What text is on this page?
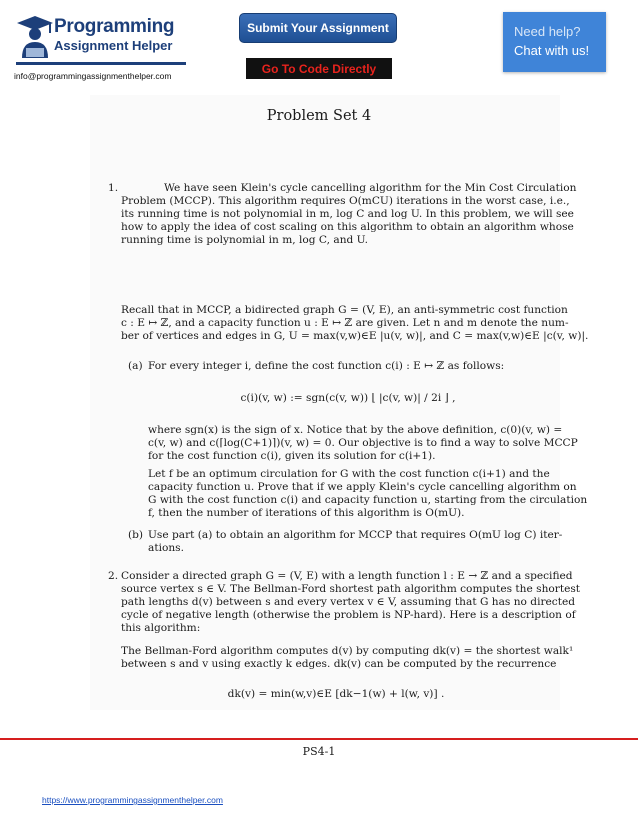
Programming
Assignment Helper
info@programmingassignmenthelper.com
Submit Your Assignment
Go To Code Directly
Need help?
Chat with us!
Problem Set 4
1.	We have seen Klein's cycle cancelling algorithm for the Min Cost Circulation
Problem (MCCP). This algorithm requires O(mCU) iterations in the worst case, i.e.,
its running time is not polynomial in m, log C and log U. In this problem, we will see
how to apply the idea of cost scaling on this algorithm to obtain an algorithm whose
running time is polynomial in m, log C, and U.
Recall that in MCCP, a bidirected graph G = (V, E), an anti-symmetric cost function
c : E ↦ ℤ, and a capacity function u : E ↦ ℤ are given. Let n and m denote the num-
ber of vertices and edges in G, U = max(v,w)∈E |u(v, w)|, and C = max(v,w)∈E |c(v, w)|.
(a) For every integer i, define the cost function c(i) : E ↦ ℤ as follows:
c(i)(v, w) := sgn(c(v, w)) ⌊ |c(v, w)| / 2i ⌋ ,
where sgn(x) is the sign of x. Notice that by the above definition, c(0)(v, w) =
c(v, w) and c(⌈log(C+1)⌉)(v, w) = 0. Our objective is to find a way to solve MCCP
for the cost function c(i), given its solution for c(i+1).
Let f be an optimum circulation for G with the cost function c(i+1) and the
capacity function u. Prove that if we apply Klein's cycle cancelling algorithm on
G with the cost function c(i) and capacity function u, starting from the circulation
f, then the number of iterations of this algorithm is O(mU).
(b) Use part (a) to obtain an algorithm for MCCP that requires O(mU log C) iter-
ations.
2. Consider a directed graph G = (V, E) with a length function l : E → ℤ and a specified
source vertex s ∈ V. The Bellman-Ford shortest path algorithm computes the shortest
path lengths d(v) between s and every vertex v ∈ V, assuming that G has no directed
cycle of negative length (otherwise the problem is NP-hard). Here is a description of
this algorithm:
The Bellman-Ford algorithm computes d(v) by computing dk(v) = the shortest walk¹
between s and v using exactly k edges. dk(v) can be computed by the recurrence
dk(v) = min(w,v)∈E [dk−1(w) + l(w, v)] .
PS4-1
https://www.programmingassignmenthelper.com
